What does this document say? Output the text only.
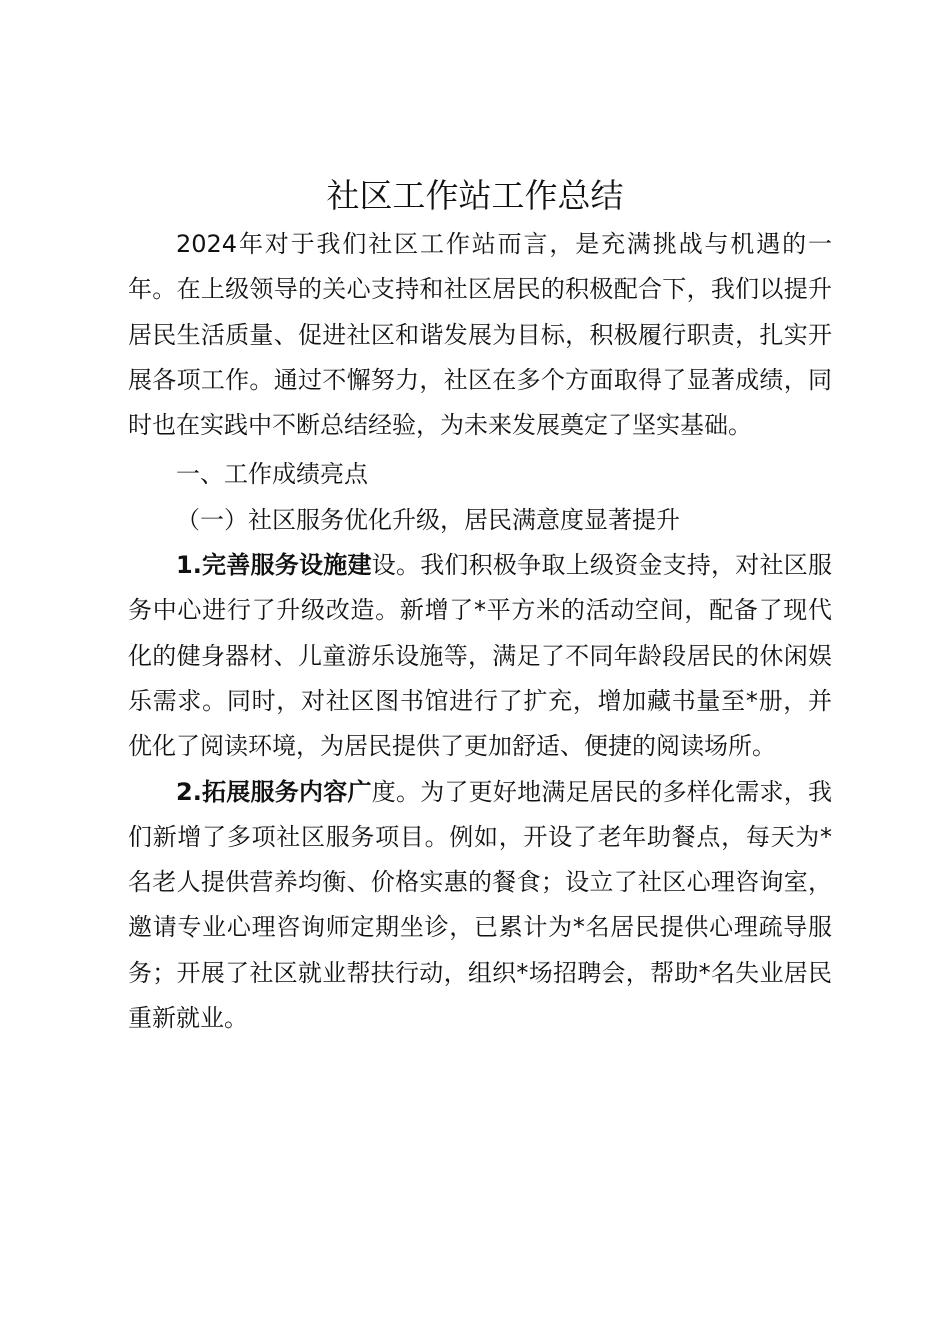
社区工作站工作总结

2024年对于我们社区工作站而言，是充满挑战与机遇的一年。在上级领导的关心支持和社区居民的积极配合下，我们以提升居民生活质量、促进社区和谐发展为目标，积极履行职责，扎实开展各项工作。通过不懈努力，社区在多个方面取得了显著成绩，同时也在实践中不断总结经验，为未来发展奠定了坚实基础。

一、工作成绩亮点

（一）社区服务优化升级，居民满意度显著提升

1.完善服务设施建设。我们积极争取上级资金支持，对社区服务中心进行了升级改造。新增了*平方米的活动空间，配备了现代化的健身器材、儿童游乐设施等，满足了不同年龄段居民的休闲娱乐需求。同时，对社区图书馆进行了扩充，增加藏书量至*册，并优化了阅读环境，为居民提供了更加舒适、便捷的阅读场所。

2.拓展服务内容广度。为了更好地满足居民的多样化需求，我们新增了多项社区服务项目。例如，开设了老年助餐点，每天为*名老人提供营养均衡、价格实惠的餐食；设立了社区心理咨询室，邀请专业心理咨询师定期坐诊，已累计为*名居民提供心理疏导服务；开展了社区就业帮扶行动，组织*场招聘会，帮助*名失业居民重新就业。
